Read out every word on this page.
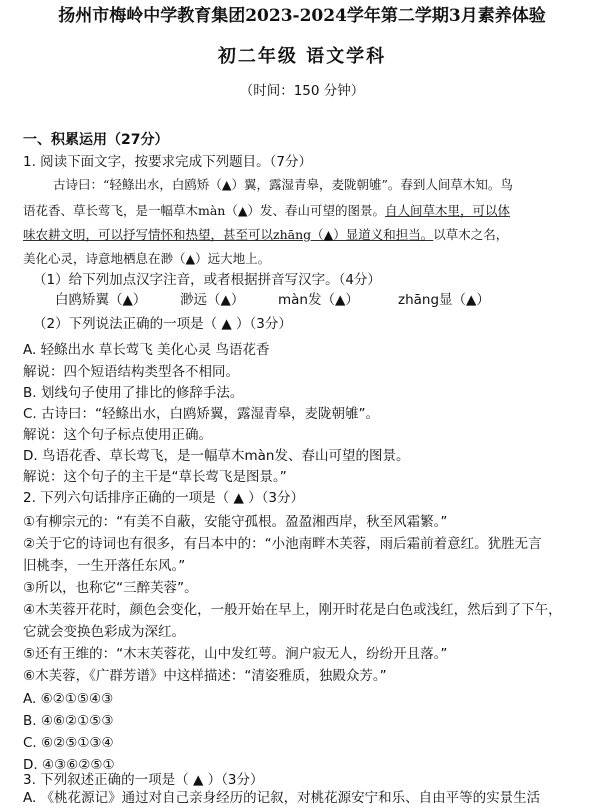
扬州市梅岭中学教育集团2023-2024学年第二学期3月素养体验
初二年级 语文学科
（时间：150 分钟）
一、积累运用（27分）
1. 阅读下面文字，按要求完成下列题目。（7分）
古诗曰：“轻鲦出水，白鸥矫（▲）翼，露湿青皋，麦陇朝雊”。春到人间草木知。鸟
语花香、草长莺飞，是一幅草木màn（▲）发、春山可望的图景。自人间草木里，可以体
味农耕文明，可以抒写情怀和热望，甚至可以zhāng（▲）显道义和担当。以草木之名，
美化心灵，诗意地栖息在渺（▲）远大地上。
（1）给下列加点汉字注音，或者根据拼音写汉字。（4分）
白鸥矫翼（▲） 渺远（▲） màn发（▲）	zhāng显（▲）
（2）下列说法正确的一项是（ ▲ ）（3分）
A. 轻鲦出水 草长莺飞 美化心灵 鸟语花香
解说：四个短语结构类型各不相同。
B. 划线句子使用了排比的修辞手法。
C. 古诗曰：“轻鲦出水，白鸥矫翼，露湿青皋，麦陇朝雊”。
解说：这个句子标点使用正确。
D. 鸟语花香、草长莺飞，是一幅草木màn发、春山可望的图景。
解说：这个句子的主干是“草长莺飞是图景。”
2. 下列六句话排序正确的一项是（ ▲ ）（3分）
①有柳宗元的：“有美不自蔽，安能守孤根。盈盈湘西岸，秋至风霜繁。”
②关于它的诗词也有很多，有吕本中的：“小池南畔木芙蓉，雨后霜前着意红。犹胜无言
旧桃李，一生开落任东风。”
③所以，也称它“三醉芙蓉”。
④木芙蓉开花时，颜色会变化，一般开始在早上，刚开时花是白色或浅红，然后到了下午，
它就会变换色彩成为深红。
⑤还有王维的：“木末芙蓉花，山中发红萼。涧户寂无人，纷纷开且落。”
⑥木芙蓉，《广群芳谱》中这样描述：“清姿雅质，独殿众芳。”
A. ⑥②①⑤④③
B. ④⑥②①⑤③
C. ⑥②⑤①③④
D. ④③⑥②⑤①
3. 下列叙述正确的一项是（ ▲ ）（3分）
A. 《桃花源记》通过对自己亲身经历的记叙，对桃花源安宁和乐、自由平等的实景生活
